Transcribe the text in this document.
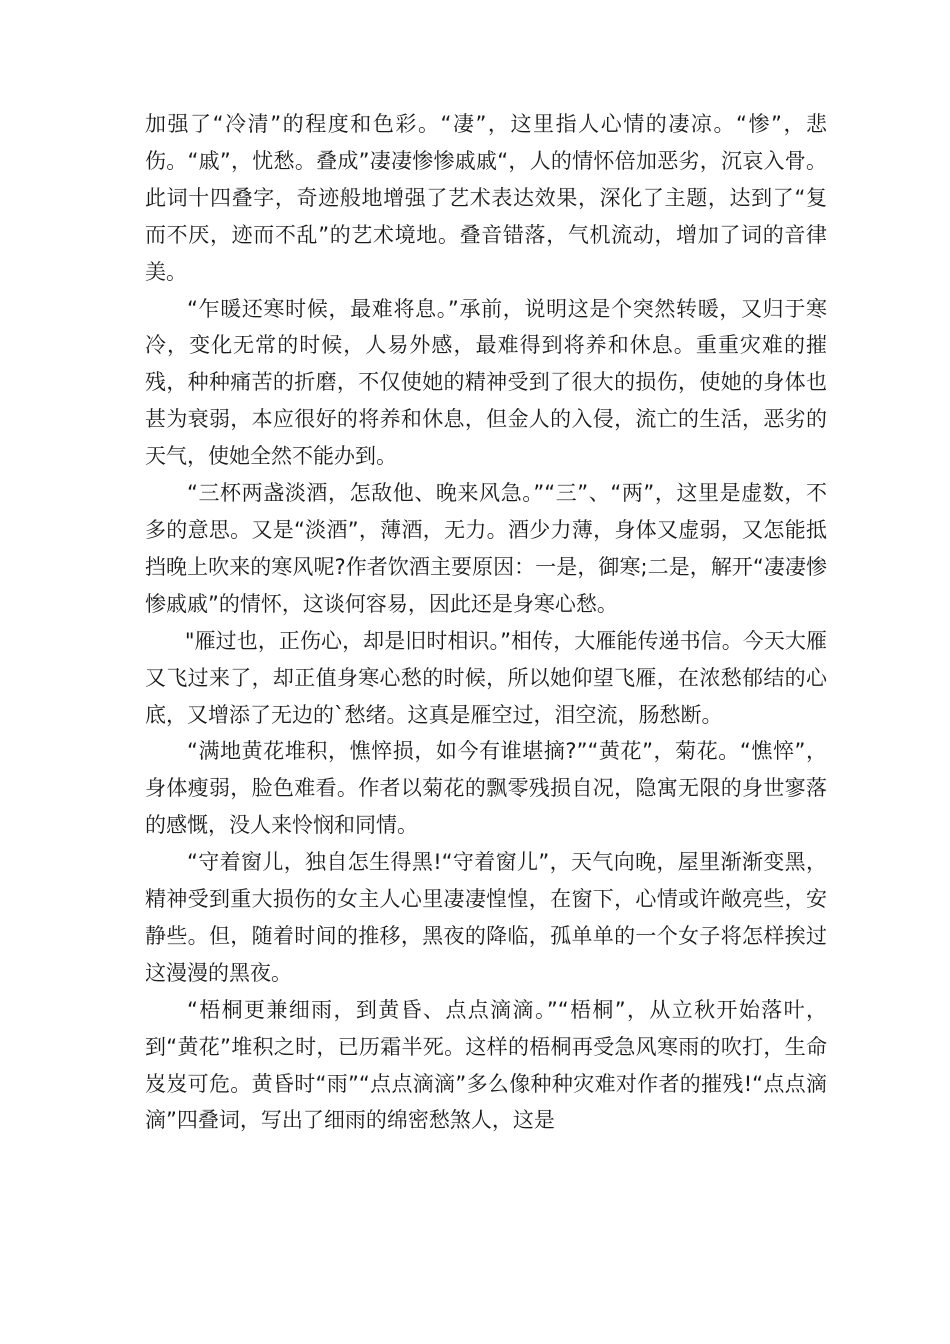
加强了“冷清”的程度和色彩。“凄”，这里指人心情的凄凉。“惨”，悲伤。“戚”，忧愁。叠成”凄凄惨惨戚戚“，人的情怀倍加恶劣，沉哀入骨。此词十四叠字，奇迹般地增强了艺术表达效果，深化了主题，达到了“复而不厌，迹而不乱”的艺术境地。叠音错落，气机流动，增加了词的音律美。

“乍暖还寒时候，最难将息。”承前，说明这是个突然转暖，又归于寒冷，变化无常的时候，人易外感，最难得到将养和休息。重重灾难的摧残，种种痛苦的折磨，不仅使她的精神受到了很大的损伤，使她的身体也甚为衰弱，本应很好的将养和休息，但金人的入侵，流亡的生活，恶劣的天气，使她全然不能办到。

“三杯两盏淡酒，怎敌他、晚来风急。”“三”、“两”，这里是虚数，不多的意思。又是“淡酒”，薄酒，无力。酒少力薄，身体又虚弱，又怎能抵挡晚上吹来的寒风呢?作者饮酒主要原因：一是，御寒;二是，解开“凄凄惨惨戚戚”的情怀，这谈何容易，因此还是身寒心愁。

"雁过也，正伤心，却是旧时相识。”相传，大雁能传递书信。今天大雁又飞过来了，却正值身寒心愁的时候，所以她仰望飞雁，在浓愁郁结的心底，又增添了无边的`愁绪。这真是雁空过，泪空流，肠愁断。

“满地黄花堆积，憔悴损，如今有谁堪摘?”“黄花”，菊花。“憔悴”，身体瘦弱，脸色难看。作者以菊花的飘零残损自况，隐寓无限的身世寥落的感慨，没人来怜悯和同情。

“守着窗儿，独自怎生得黑!“守着窗儿”，天气向晚，屋里渐渐变黑，精神受到重大损伤的女主人心里凄凄惶惶，在窗下，心情或许敞亮些，安静些。但，随着时间的推移，黑夜的降临，孤单单的一个女子将怎样挨过这漫漫的黑夜。

“梧桐更兼细雨，到黄昏、点点滴滴。”“梧桐”，从立秋开始落叶，到“黄花”堆积之时，已历霜半死。这样的梧桐再受急风寒雨的吹打，生命岌岌可危。黄昏时“雨”“点点滴滴”多么像种种灾难对作者的摧残!“点点滴滴”四叠词，写出了细雨的绵密愁煞人，这是
